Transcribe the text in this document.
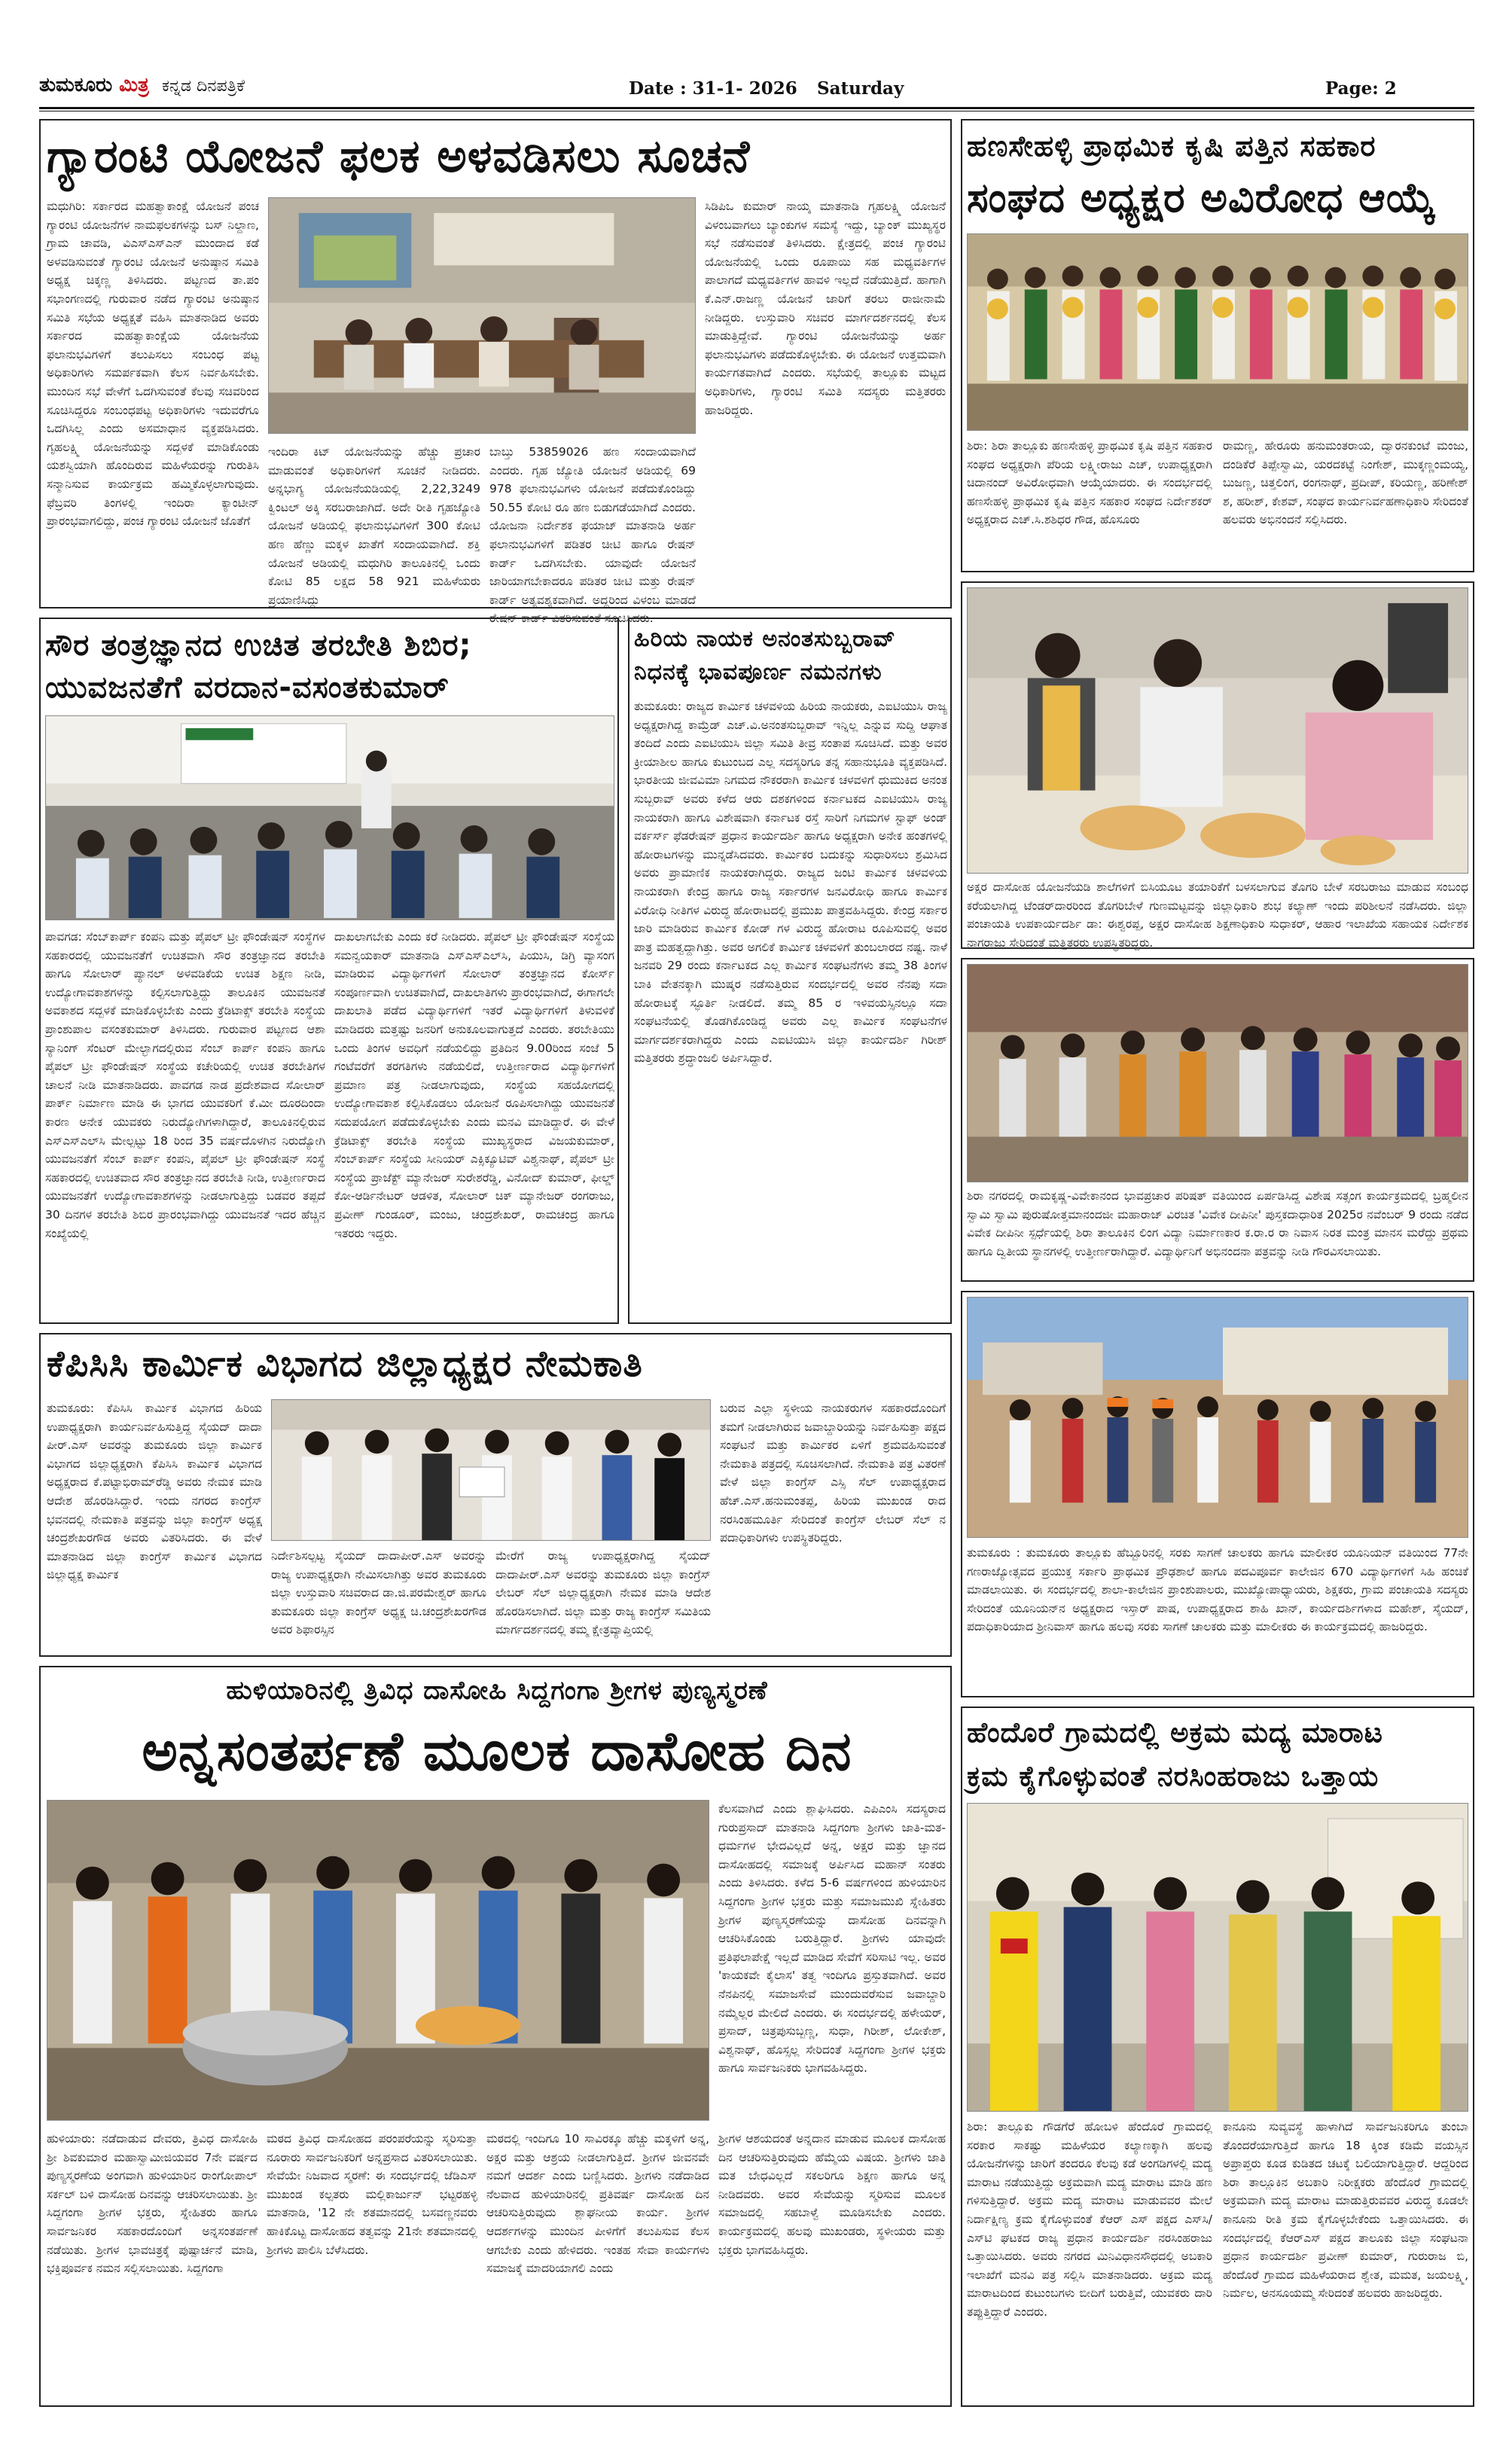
ತುಮಕೂರು ಮಿತ್ರ ಕನ್ನಡ ದಿನಪತ್ರಿಕೆ	Date : 31-1- 2026 Saturday	Page: 2
ಗ್ಯಾರಂಟಿ ಯೋಜನೆ ಫಲಕ ಅಳವಡಿಸಲು ಸೂಚನೆ
ಮಧುಗಿರಿ: ಸರ್ಕಾರದ ಮಹತ್ವಾಕಾಂಕ್ಷೆ ಯೋಜನೆ ಪಂಚ ಗ್ಯಾರಂಟಿ ಯೋಜನೆಗಳ ನಾಮಫಲಕಗಳನ್ನು ಬಸ್ ನಿಲ್ದಾಣ, ಗ್ರಾಮ ಚಾವಡಿ, ವಿಎಸ್‌ಎಸ್‌ಎನ್ ಮುಂದಾದ ಕಡೆ ಅಳವಡಿಸುವಂತೆ ಗ್ಯಾರಂಟಿ ಯೋಜನೆ ಅನುಷ್ಠಾನ ಸಮಿತಿ ಅಧ್ಯಕ್ಷ ಚಿಕ್ಕಣ್ಣ ತಿಳಿಸಿದರು. ಪಟ್ಟಣದ ತಾ.ಪಂ ಸಭಾಂಗಣದಲ್ಲಿ ಗುರುವಾರ ನಡೆದ ಗ್ಯಾರಂಟಿ ಅನುಷ್ಠಾನ ಸಮಿತಿ ಸಭೆಯ ಅಧ್ಯಕ್ಷತೆ ವಹಿಸಿ ಮಾತನಾಡಿದ ಅವರು ಸರ್ಕಾರದ ಮಹತ್ವಾಕಾಂಕ್ಷೆಯ ಯೋಜನೆಯ ಫಲಾನುಭವಿಗಳಿಗೆ ತಲುಪಿಸಲು ಸಂಬಂಧ ಪಟ್ಟ ಅಧಿಕಾರಿಗಳು ಸಮರ್ಪಕವಾಗಿ ಕೆಲಸ ನಿರ್ವಹಿಸಬೇಕು. ಮುಂದಿನ ಸಭೆ ವೇಳೆಗೆ ಒದಗಿಸುವಂತೆ ಕೆಲವು ಸಚಿವರಿಂದ ಸೂಚಿಸಿದ್ದರೂ ಸಂಬಂಧಪಟ್ಟ ಅಧಿಕಾರಿಗಳು ಇದುವರೆಗೂ ಒದಗಿಸಿಲ್ಲ ಎಂದು ಅಸಮಾಧಾನ ವ್ಯಕ್ತಪಡಿಸಿದರು. ಗೃಹಲಕ್ಷ್ಮಿ ಯೋಜನೆಯನ್ನು ಸದ್ಬಳಕೆ ಮಾಡಿಕೊಂಡು ಯಶಸ್ವಿಯಾಗಿ ಹೊಂದಿರುವ ಮಹಿಳೆಯರನ್ನು ಗುರುತಿಸಿ ಸನ್ಮಾನಿಸುವ ಕಾರ್ಯಕ್ರಮ ಹಮ್ಮಿಕೊಳ್ಳಲಾಗುವುದು. ಫೆಬ್ರವರಿ ತಿಂಗಳಲ್ಲಿ ಇಂದಿರಾ ಕ್ಯಾಂಟೀನ್ ಪ್ರಾರಂಭವಾಗಲಿದ್ದು, ಪಂಚ ಗ್ಯಾರಂಟಿ ಯೋಜನೆ ಜೊತೆಗೆ
ಇಂದಿರಾ ಕಿಟ್ ಯೋಜನೆಯನ್ನು ಹೆಚ್ಚು ಪ್ರಚಾರ ಮಾಡುವಂತೆ ಅಧಿಕಾರಿಗಳಿಗೆ ಸೂಚನೆ ನೀಡಿದರು. ಅನ್ನಭಾಗ್ಯ ಯೋಜನೆಯಡಿಯಲ್ಲಿ 2,22,3249 ಕ್ವಿಂಟಲ್ ಅಕ್ಕಿ ಸರಬರಾಜಾಗಿದೆ. ಅದೇ ರೀತಿ ಗೃಹಜ್ಯೋತಿ ಯೋಜನೆ ಅಡಿಯಲ್ಲಿ ಫಲಾನುಭವಿಗಳಿಗೆ 300 ಕೋಟಿ ಹಣ ಹೆಣ್ಣು ಮಕ್ಕಳ ಖಾತೆಗೆ ಸಂದಾಯವಾಗಿದೆ. ಶಕ್ತಿ ಯೋಜನೆ ಅಡಿಯಲ್ಲಿ ಮಧುಗಿರಿ ತಾಲೂಕಿನಲ್ಲಿ ಒಂದು ಕೋಟಿ 85 ಲಕ್ಷದ 58 921 ಮಹಿಳೆಯರು ಪ್ರಯಾಣಿಸಿದ್ದು
ಬಾಬ್ತು 53859026 ಹಣ ಸಂದಾಯವಾಗಿದೆ ಎಂದರು. ಗೃಹ ಜ್ಯೋತಿ ಯೋಜನೆ ಅಡಿಯಲ್ಲಿ 69 978 ಫಲಾನುಭವಿಗಳು ಯೋಜನೆ ಪಡೆದುಕೊಂಡಿದ್ದು 50.55 ಕೋಟಿ ರೂ ಹಣ ಬಿಡುಗಡೆಯಾಗಿದೆ ಎಂದರು. ಯೋಜನಾ ನಿರ್ದೇಶಕ ಫಯಾಜ್ ಮಾತನಾಡಿ ಅರ್ಹ ಫಲಾನುಭವಿಗಳಿಗೆ ಪಡಿತರ ಚೀಟಿ ಹಾಗೂ ರೇಷನ್ ಕಾರ್ಡ್ ಒದಗಿಸಬೇಕು. ಯಾವುದೇ ಯೋಜನೆ ಜಾರಿಯಾಗಬೇಕಾದರೂ ಪಡಿತರ ಚೀಟಿ ಮತ್ತು ರೇಷನ್ ಕಾರ್ಡ್ ಅತ್ಯವಶ್ಯಕವಾಗಿದೆ. ಅದ್ದರಿಂದ ವಿಳಂಬ ಮಾಡದೆ ರೇಷನ್ ಕಾರ್ಡ್ ವಿತರಿಸುವಂತೆ ಸೂಚಿಸಿದರು.
ಸಿಡಿಪಿಒ ಕುಮಾರ್ ನಾಯ್ಕ ಮಾತನಾಡಿ ಗೃಹಲಕ್ಷ್ಮಿ ಯೋಜನೆ ವಿಳಂಬವಾಗಲು ಬ್ಯಾಂಕುಗಳ ಸಮಸ್ಯೆ ಇದ್ದು, ಬ್ಯಾಂಕ್ ಮುಖ್ಯಸ್ಥರ ಸಭೆ ನಡೆಸುವಂತೆ ತಿಳಿಸಿದರು. ಕ್ಷೇತ್ರದಲ್ಲಿ ಪಂಚ ಗ್ಯಾರಂಟಿ ಯೋಜನೆಯಲ್ಲಿ ಒಂದು ರೂಪಾಯಿ ಸಹ ಮಧ್ಯವರ್ತಿಗಳ ಪಾಲಾಗದೆ ಮಧ್ಯವರ್ತಿಗಳ ಹಾವಳಿ ಇಲ್ಲದೆ ನಡೆಯುತ್ತಿದೆ. ಹಾಗಾಗಿ ಕೆ.ಎನ್.ರಾಜಣ್ಣ ಯೋಜನೆ ಜಾರಿಗೆ ತರಲು ರಾಜೀನಾಮೆ ನೀಡಿದ್ದರು. ಉಸ್ತುವಾರಿ ಸಚಿವರ ಮಾರ್ಗದರ್ಶನದಲ್ಲಿ ಕೆಲಸ ಮಾಡುತ್ತಿದ್ದೇವೆ. ಗ್ಯಾರಂಟಿ ಯೋಜನೆಯನ್ನು ಅರ್ಹ ಫಲಾನುಭವಿಗಳು ಪಡೆದುಕೊಳ್ಳಬೇಕು. ಈ ಯೋಜನೆ ಉತ್ತಮವಾಗಿ ಕಾರ್ಯಗತವಾಗಿದೆ ಎಂದರು. ಸಭೆಯಲ್ಲಿ ತಾಲ್ಲೂಕು ಮಟ್ಟದ ಅಧಿಕಾರಿಗಳು, ಗ್ಯಾರಂಟಿ ಸಮಿತಿ ಸದಸ್ಯರು ಮತ್ತಿತರರು ಹಾಜರಿದ್ದರು.
ಹಣಸೇಹಳ್ಳಿ ಪ್ರಾಥಮಿಕ ಕೃಷಿ ಪತ್ತಿನ ಸಹಕಾರ
ಸಂಘದ ಅಧ್ಯಕ್ಷರ ಅವಿರೋಧ ಆಯ್ಕೆ
ಶಿರಾ: ಶಿರಾ ತಾಲ್ಲೂಕು ಹಣಸೇಹಳ್ಳಿ ಪ್ರಾಥಮಿಕ ಕೃಷಿ ಪತ್ತಿನ ಸಹಕಾರ ಸಂಘದ ಅಧ್ಯಕ್ಷರಾಗಿ ಪೆರಿಯ ಲಕ್ಷ್ಮೀರಾಜು ಎಚ್, ಉಪಾಧ್ಯಕ್ಷರಾಗಿ ಚಿದಾನಂದ್ ಅವಿರೋಧವಾಗಿ ಆಯ್ಕೆಯಾದರು. ಈ ಸಂದರ್ಭದಲ್ಲಿ ಹಣಸೇಹಳ್ಳಿ ಪ್ರಾಥಮಿಕ ಕೃಷಿ ಪತ್ತಿನ ಸಹಕಾರ ಸಂಘದ ನಿರ್ದೇಶಕರ್ ಅಧ್ಯಕ್ಷರಾದ ಎಚ್.ಸಿ.ಶಶಿಧರ ಗೌಡ, ಹೊಸೂರು
ರಾಮಣ್ಣ, ಹೇರೂರು ಹನುಮಂತರಾಯ, ದ್ವಾರನಕುಂಟೆ ಮಂಜು, ದಂಡಿಕೆರೆ ತಿಪ್ಪೇಸ್ವಾಮಿ, ಯರದಕಟ್ಟೆ ನಿಂಗೇಶ್, ಮುಕ್ಕಣ್ಣಂಮಯ್ಯ, ಬುಜಣ್ಣ, ಚಿತ್ತಲಿಂಗ, ರಂಗನಾಥ್, ಪ್ರದೀಪ್, ಕರಿಯಣ್ಣ, ಹರಿಣೇಶ್ ಶ, ಹರೀಶ್, ಕೇಶವ್, ಸಂಘದ ಕಾರ್ಯನಿರ್ವಹಣಾಧಿಕಾರಿ ಸೇರಿದಂತೆ ಹಲವರು ಅಭಿನಂದನೆ ಸಲ್ಲಿಸಿದರು.
ಸೌರ ತಂತ್ರಜ್ಞಾನದ ಉಚಿತ ತರಬೇತಿ ಶಿಬಿರ;
ಯುವಜನತೆಗೆ ವರದಾನ-ವಸಂತಕುಮಾರ್
semcorp
ಪಾವಗಡ: ಸೆಂಬ್‌ಕಾರ್ಪ್ ಕಂಪನಿ ಮತ್ತು ಪೈಪಲ್ ಟ್ರೀ ಫೌಂಡೇಷನ್ ಸಂಸ್ಥೆಗಳ ಸಹಕಾರದಲ್ಲಿ ಯುವಜನತೆಗೆ ಉಚಿತವಾಗಿ ಸೌರ ತಂತ್ರಜ್ಞಾನದ ತರಬೇತಿ ಹಾಗೂ ಸೋಲಾರ್ ಪ್ಯಾನಲ್ ಅಳವಡಿಕೆಯ ಉಚಿತ ಶಿಕ್ಷಣ ನೀಡಿ, ಉದ್ಯೋಗಾವಕಾಶಗಳನ್ನು ಕಲ್ಪಿಸಲಾಗುತ್ತಿದ್ದು ತಾಲೂಕಿನ ಯುವಜನತೆ ಅವಕಾಶದ ಸದ್ಬಳಕೆ ಮಾಡಿಕೊಳ್ಳಬೇಕು ಎಂದು ಕ್ರೆಡಿಟಾಕ್ಸ್ ತರಬೇತಿ ಸಂಸ್ಥೆಯ ಪ್ರಾಂಶುಪಾಲ ವಸಂತಕುಮಾರ್ ತಿಳಿಸಿದರು. ಗುರುವಾರ ಪಟ್ಟಣದ ಆಶಾ ಸ್ಯಾನಿಂಗ್ ಸೆಂಟರ್ ಮೇಲ್ಭಾಗದಲ್ಲಿರುವ ಸೆಂಬ್ ಕಾರ್ಪ್ ಕಂಪನಿ ಹಾಗೂ ಪೈಪಲ್ ಟ್ರೀ ಫೌಂಡೇಷನ್ ಸಂಸ್ಥೆಯ ಕಚೇರಿಯಲ್ಲಿ ಉಚಿತ ತರಬೇತಿಗಳ ಚಾಲನೆ ನೀಡಿ ಮಾತನಾಡಿದರು. ಪಾವಗಡ ನಾಡ ಪ್ರದೇಶವಾದ ಸೋಲಾರ್ ಪಾರ್ಕ್ ನಿರ್ಮಾಣ ಮಾಡಿ ಈ ಭಾಗದ ಯುವಕರಿಗೆ ಕೆ.ಮೀ ದೂರದಿಂದಾ ಕಾರಣ ಅನೇಕ ಯುವಕರು ನಿರುದ್ಯೋಗಿಗಳಾಗಿದ್ದಾರೆ, ತಾಲೂಕಿನಲ್ಲಿರುವ ಎಸ್‌ಎಸ್‌ಎಲ್‌ಸಿ ಮೇಲ್ಪಟ್ಟು 18 ರಿಂದ 35 ವರ್ಷದೊಳಗಿನ ನಿರುದ್ಯೋಗಿ ಯುವಜನತೆಗೆ ಸೆಂಬ್ ಕಾರ್ಪ್ ಕಂಪನಿ, ಪೈಪಲ್ ಟ್ರೀ ಫೌಂಡೇಷನ್ ಸಂಸ್ಥೆ ಸಹಕಾರದಲ್ಲಿ ಉಚಿತವಾದ ಸೌರ ತಂತ್ರಜ್ಞಾನದ ತರಬೇತಿ ನೀಡಿ, ಉತ್ತೀರ್ಣರಾದ ಯುವಜನತೆಗೆ ಉದ್ಯೋಗಾವಕಾಶಗಳನ್ನು ನೀಡಲಾಗುತ್ತಿದ್ದು ಬಡವರ ತಪ್ಪದೆ 30 ದಿನಗಳ ತರಬೇತಿ ಶಿಬಿರ ಪ್ರಾರಂಭವಾಗಿದ್ದು ಯುವಜನತೆ ಇದರ ಹೆಚ್ಚಿನ ಸಂಖ್ಯೆಯಲ್ಲಿ
ದಾಖಲಾಗಬೇಕು ಎಂದು ಕರೆ ನೀಡಿದರು. ಪೈಪಲ್ ಟ್ರೀ ಫೌಂಡೇಷನ್ ಸಂಸ್ಥೆಯ ಸಮನ್ವಯಕಾರ್ ಮಾತನಾಡಿ ಎಸ್‌ಎಸ್‌ಎಲ್‌ಸಿ, ಪಿಯುಸಿ, ಡಿಗ್ರಿ ವ್ಯಾಸಂಗ ಮಾಡಿರುವ ವಿದ್ಯಾರ್ಥಿಗಳಿಗೆ ಸೋಲಾರ್ ತಂತ್ರಜ್ಞಾನದ ಕೋರ್ಸ್ ಸಂಪೂರ್ಣವಾಗಿ ಉಚಿತವಾಗಿದೆ, ದಾಖಲಾತಿಗಳು ಪ್ರಾರಂಭವಾಗಿದೆ, ಈಗಾಗಲೇ ದಾಖಲಾತಿ ಪಡೆದ ವಿದ್ಯಾರ್ಥಿಗಳಿಗೆ ಇತರೆ ವಿದ್ಯಾರ್ಥಿಗಳಿಗೆ ತಿಳುವಳಿಕೆ ಮಾಡಿದರು ಮತ್ತಷ್ಟು ಜನರಿಗೆ ಅನುಕೂಲವಾಗುತ್ತದೆ ಎಂದರು. ತರಬೇತಿಯು ಒಂದು ತಿಂಗಳ ಅವಧಿಗೆ ನಡೆಯಲಿದ್ದು ಪ್ರತಿದಿನ 9.00ರಿಂದ ಸಂಜೆ 5 ಗಂಟೆವರೆಗೆ ತರಗತಿಗಳು ನಡೆಯಲಿದೆ, ಉತ್ತೀರ್ಣರಾದ ವಿದ್ಯಾರ್ಥಿಗಳಿಗೆ ಪ್ರಮಾಣ ಪತ್ರ ನೀಡಲಾಗುವುದು, ಸಂಸ್ಥೆಯ ಸಹಯೋಗದಲ್ಲಿ ಉದ್ಯೋಗಾವಕಾಶ ಕಲ್ಪಿಸಿಕೊಡಲು ಯೋಜನೆ ರೂಪಿಸಲಾಗಿದ್ದು ಯುವಜನತೆ ಸದುಪಯೋಗ ಪಡೆದುಕೊಳ್ಳಬೇಕು ಎಂದು ಮನವಿ ಮಾಡಿದ್ದಾರೆ. ಈ ವೇಳೆ ಕ್ರೆಡಿಟಾಕ್ಸ್ ತರಬೇತಿ ಸಂಸ್ಥೆಯ ಮುಖ್ಯಸ್ಥರಾದ ವಿಜಯಕುಮಾರ್, ಸೆಂಬ್‌ಕಾರ್ಪ್ ಸಂಸ್ಥೆಯ ಸೀನಿಯರ್ ಎಕ್ಸಿಕ್ಯೂಟಿವ್ ವಿಶ್ವನಾಥ್, ಪೈಪಲ್ ಟ್ರೀ ಸಂಸ್ಥೆಯ ಪ್ರಾಜೆಕ್ಟ್ ಮ್ಯಾನೇಜರ್ ಸುರೇಶರೆಡ್ಡಿ, ವಿನೋದ್ ಕುಮಾರ್, ಫೀಲ್ಡ್ ಕೋ-ಆರ್ಡಿನೇಟರ್ ಆಡಳಿತ, ಸೋಲಾರ್ ಚಿಕ್ ಮ್ಯಾನೇಜರ್ ರಂಗರಾಜು, ಪ್ರವೀಣ್ ಗುಂಡೂರ್, ಮಂಜು, ಚಂದ್ರಶೇಖರ್, ರಾಮಚಂದ್ರ ಹಾಗೂ ಇತರರು ಇದ್ದರು.
ಹಿರಿಯ ನಾಯಕ ಅನಂತಸುಬ್ಬರಾವ್
ನಿಧನಕ್ಕೆ ಭಾವಪೂರ್ಣ ನಮನಗಳು
ತುಮಕೂರು: ರಾಜ್ಯದ ಕಾರ್ಮಿಕ ಚಳವಳಿಯ ಹಿರಿಯ ನಾಯಕರು, ಎಐಟಿಯುಸಿ ರಾಜ್ಯ ಅಧ್ಯಕ್ಷರಾಗಿದ್ದ ಕಾಮ್ರೆಡ್ ಎಚ್.ವಿ.ಅನಂತಸುಬ್ಬರಾವ್ ಇನ್ನಿಲ್ಲ ಎನ್ನುವ ಸುದ್ದಿ ಆಘಾತ ತಂದಿದೆ ಎಂದು ಎಐಟಿಯುಸಿ ಜಿಲ್ಲಾ ಸಮಿತಿ ತೀವ್ರ ಸಂತಾಪ ಸೂಚಿಸಿದೆ. ಮತ್ತು ಅವರ ಕ್ರೀಯಾಶೀಲ ಹಾಗೂ ಕುಟುಂಬದ ಎಲ್ಲ ಸದಸ್ಯರಿಗೂ ತನ್ನ ಸಹಾನುಭೂತಿ ವ್ಯಕ್ತಪಡಿಸಿದೆ. ಭಾರತೀಯ ಜೀವವಿಮಾ ನಿಗಮದ ನೌಕರರಾಗಿ ಕಾರ್ಮಿಕ ಚಳವಳಿಗೆ ಧುಮುಕಿದ ಅನಂತ ಸುಬ್ಬರಾವ್ ಅವರು ಕಳೆದ ಆರು ದಶಕಗಳಿಂದ ಕರ್ನಾಟಕದ ಎಐಟಿಯುಸಿ ರಾಜ್ಯ ನಾಯಕರಾಗಿ ಹಾಗೂ ವಿಶೇಷವಾಗಿ ಕರ್ನಾಟಕ ರಸ್ತೆ ಸಾರಿಗೆ ನಿಗಮಗಳ ಸ್ಟಾಫ್ ಅಂಡ್ ವರ್ಕರ್ಸ್ ಫೆಡರೇಷನ್ ಪ್ರಧಾನ ಕಾರ್ಯದರ್ಶಿ ಹಾಗೂ ಅಧ್ಯಕ್ಷರಾಗಿ ಅನೇಕ ಹಂತಗಳಲ್ಲಿ ಹೋರಾಟಗಳನ್ನು ಮುನ್ನಡೆಸಿದವರು. ಕಾರ್ಮಿಕರ ಬದುಕನ್ನು ಸುಧಾರಿಸಲು ಶ್ರಮಿಸಿದ ಅವರು ಪ್ರಾಮಾಣಿಕ ನಾಯಕರಾಗಿದ್ದರು. ರಾಜ್ಯದ ಜಂಟಿ ಕಾರ್ಮಿಕ ಚಳವಳಿಯ ನಾಯಕರಾಗಿ ಕೇಂದ್ರ ಹಾಗೂ ರಾಜ್ಯ ಸರ್ಕಾರಗಳ ಜನವಿರೋಧಿ ಹಾಗೂ ಕಾರ್ಮಿಕ ವಿರೋಧಿ ನೀತಿಗಳ ವಿರುದ್ಧ ಹೋರಾಟದಲ್ಲಿ ಪ್ರಮುಖ ಪಾತ್ರವಹಿಸಿದ್ದರು. ಕೇಂದ್ರ ಸರ್ಕಾರ ಜಾರಿ ಮಾಡಿರುವ ಕಾರ್ಮಿಕ ಕೋಡ್ ಗಳ ವಿರುದ್ಧ ಹೋರಾಟ ರೂಪಿಸುವಲ್ಲಿ ಅವರ ಪಾತ್ರ ಮಹತ್ವದ್ದಾಗಿತ್ತು. ಅವರ ಅಗಲಿಕೆ ಕಾರ್ಮಿಕ ಚಳವಳಿಗೆ ತುಂಬಲಾರದ ನಷ್ಟ. ನಾಳೆ ಜನವರಿ 29 ರಂದು ಕರ್ನಾಟಕದ ಎಲ್ಲ ಕಾರ್ಮಿಕ ಸಂಘಟನೆಗಳು ತಮ್ಮ 38 ತಿಂಗಳ ಬಾಕಿ ವೇತನಕ್ಕಾಗಿ ಮುಷ್ಕರ ನಡೆಸುತ್ತಿರುವ ಸಂದರ್ಭದಲ್ಲಿ ಅವರ ನೆನಪು ಸದಾ ಹೋರಾಟಕ್ಕೆ ಸ್ಫೂರ್ತಿ ನೀಡಲಿದೆ. ತಮ್ಮ 85 ರ ಇಳಿವಯಸ್ಸಿನಲ್ಲೂ ಸದಾ ಸಂಘಟನೆಯಲ್ಲಿ ತೊಡಗಿಕೊಂಡಿದ್ದ ಅವರು ಎಲ್ಲ ಕಾರ್ಮಿಕ ಸಂಘಟನೆಗಳ ಮಾರ್ಗದರ್ಶಕರಾಗಿದ್ದರು ಎಂದು ಎಐಟಿಯುಸಿ ಜಿಲ್ಲಾ ಕಾರ್ಯದರ್ಶಿ ಗಿರೀಶ್ ಮತ್ತಿತರರು ಶ್ರದ್ಧಾಂಜಲಿ ಅರ್ಪಿಸಿದ್ದಾರೆ.
ಅಕ್ಷರ ದಾಸೋಹ ಯೋಜನೆಯಡಿ ಶಾಲೆಗಳಿಗೆ ಬಿಸಿಯೂಟ ತಯಾರಿಕೆಗೆ ಬಳಸಲಾಗುವ ತೊಗರಿ ಬೇಳೆ ಸರಬರಾಜು ಮಾಡುವ ಸಂಬಂಧ ಕರೆಯಲಾಗಿದ್ದ ಟೆಂಡರ್‌ದಾರರಿಂದ ತೊಗರಿಬೇಳೆ ಗುಣಮಟ್ಟವನ್ನು ಜಿಲ್ಲಾಧಿಕಾರಿ ಶುಭ ಕಲ್ಯಾಣ್ ಇಂದು ಪರಿಶೀಲನೆ ನಡೆಸಿದರು. ಜಿಲ್ಲಾ ಪಂಚಾಯತಿ ಉಪಕಾರ್ಯದರ್ಶಿ ಡಾ: ಈಶ್ವರಪ್ಪ, ಅಕ್ಷರ ದಾಸೋಹ ಶಿಕ್ಷಣಾಧಿಕಾರಿ ಸುಧಾಕರ್, ಆಹಾರ ಇಲಾಖೆಯ ಸಹಾಯಕ ನಿರ್ದೇಶಕ ನಾಗರಾಜು ಸೇರಿದಂತೆ ಮತ್ತಿತರರು ಉಪಸ್ಥಿತರಿದ್ದರು.
ಶಿರಾ ನಗರದಲ್ಲಿ ರಾಮಕೃಷ್ಣ-ವಿವೇಕಾನಂದ ಭಾವಪ್ರಚಾರ ಪರಿಷತ್ ವತಿಯಿಂದ ಏರ್ಪಡಿಸಿದ್ದ ವಿಶೇಷ ಸತ್ಸಂಗ ಕಾರ್ಯಕ್ರಮದಲ್ಲಿ ಬ್ರಹ್ಮಲೀನ ಸ್ವಾಮಿ ಸ್ವಾಮಿ ಪುರುಷೋತ್ತಮಾನಂದಜೀ ಮಹಾರಾಜ್ ವಿರಚಿತ 'ವಿವೇಕ ದೀಪಿನೀ' ಪುಸ್ತಕದಾಧಾರಿತ 2025ರ ನವೆಂಬರ್ 9 ರಂದು ನಡೆದ ವಿವೇಕ ದೀಪಿನೀ ಸ್ಪರ್ಧೆಯಲ್ಲಿ ಶಿರಾ ತಾಲೂಕಿನ ಲಿಂಗ ವಿದ್ಯಾ ನಿರ್ಮಾಣಕಾರ ಕ.ರಾ.ರ ರಾ ನಿವಾಸ ನಿರತ ಮಂತ್ರ ಮಾನಸ ಮರೆದ್ದು ಪ್ರಥಮ ಹಾಗೂ ದ್ವಿತೀಯ ಸ್ಥಾನಗಳಲ್ಲಿ ಉತ್ತೀರ್ಣರಾಗಿದ್ದಾರೆ. ವಿದ್ಯಾರ್ಥಿನಿಗೆ ಅಭಿನಂದನಾ ಪತ್ರವನ್ನು ನೀಡಿ ಗೌರವಿಸಲಾಯಿತು.
ಕೆಪಿಸಿಸಿ ಕಾರ್ಮಿಕ ವಿಭಾಗದ ಜಿಲ್ಲಾಧ್ಯಕ್ಷರ ನೇಮಕಾತಿ
ತುಮಕೂರು: ಕೆಪಿಸಿಸಿ ಕಾರ್ಮಿಕ ವಿಭಾಗದ ಹಿರಿಯ ಉಪಾಧ್ಯಕ್ಷರಾಗಿ ಕಾರ್ಯನಿರ್ವಹಿಸುತ್ತಿದ್ದ ಸೈಯದ್ ದಾದಾ ಪೀರ್.ಎಸ್ ಅವರನ್ನು ತುಮಕೂರು ಜಿಲ್ಲಾ ಕಾರ್ಮಿಕ ವಿಭಾಗದ ಜಿಲ್ಲಾಧ್ಯಕ್ಷರಾಗಿ ಕೆಪಿಸಿಸಿ ಕಾರ್ಮಿಕ ವಿಭಾಗದ ಅಧ್ಯಕ್ಷರಾದ ಕೆ.ಪಟ್ಟಾಭಿರಾಮ್‌ರೆಡ್ಡಿ ಅವರು ನೇಮಕ ಮಾಡಿ ಆದೇಶ ಹೊರಡಿಸಿದ್ದಾರೆ. ಇಂದು ನಗರದ ಕಾಂಗ್ರೆಸ್ ಭವನದಲ್ಲಿ ನೇಮಕಾತಿ ಪತ್ರವನ್ನು ಜಿಲ್ಲಾ ಕಾಂಗ್ರೆಸ್ ಅಧ್ಯಕ್ಷ ಚಂದ್ರಶೇಖರಗೌಡ ಅವರು ವಿತರಿಸಿದರು. ಈ ವೇಳೆ ಮಾತನಾಡಿದ ಜಿಲ್ಲಾ ಕಾಂಗ್ರೆಸ್ ಕಾರ್ಮಿಕ ವಿಭಾಗದ ಜಿಲ್ಲಾಧ್ಯಕ್ಷ ಕಾರ್ಮಿಕ
ನಿರ್ದೇಶಿಸಲ್ಪಟ್ಟ ಸೈಯದ್ ದಾದಾಪೀರ್.ಎಸ್ ಅವರನ್ನು ರಾಜ್ಯ ಉಪಾಧ್ಯಕ್ಷರಾಗಿ ನೇಮಿಸಲಾಗಿತ್ತು ಅವರ ತುಮಕೂರು ಜಿಲ್ಲಾ ಉಸ್ತುವಾರಿ ಸಚಿವರಾದ ಡಾ.ಜಿ.ಪರಮೇಶ್ವರ್ ಹಾಗೂ ತುಮಕೂರು ಜಿಲ್ಲಾ ಕಾಂಗ್ರೆಸ್ ಅಧ್ಯಕ್ಷ ಚಿ.ಚಂದ್ರಶೇಖರಗೌಡ ಅವರ ಶಿಫಾರಸ್ಸಿನ
ಮೇರೆಗೆ ರಾಜ್ಯ ಉಪಾಧ್ಯಕ್ಷರಾಗಿದ್ದ ಸೈಯದ್ ದಾದಾಪೀರ್.ಎಸ್ ಅವರನ್ನು ತುಮಕೂರು ಜಿಲ್ಲಾ ಕಾಂಗ್ರೆಸ್ ಲೇಬರ್ ಸೆಲ್ ಜಿಲ್ಲಾಧ್ಯಕ್ಷರಾಗಿ ನೇಮಕ ಮಾಡಿ ಆದೇಶ ಹೊರಡಿಸಲಾಗಿದೆ. ಜಿಲ್ಲಾ ಮತ್ತು ರಾಜ್ಯ ಕಾಂಗ್ರೆಸ್ ಸಮಿತಿಯ ಮಾರ್ಗದರ್ಶನದಲ್ಲಿ ತಮ್ಮ ಕ್ಷೇತ್ರವ್ಯಾಪ್ತಿಯಲ್ಲಿ
ಬರುವ ಎಲ್ಲಾ ಸ್ಥಳೀಯ ನಾಯಕರುಗಳ ಸಹಕಾರದೊಂದಿಗೆ ತಮಗೆ ನೀಡಲಾಗಿರುವ ಜವಾಬ್ದಾರಿಯನ್ನು ನಿರ್ವಹಿಸುತ್ತಾ ಪಕ್ಷದ ಸಂಘಟನೆ ಮತ್ತು ಕಾರ್ಮಿಕರ ಏಳಿಗೆ ಶ್ರಮವಹಿಸುವಂತೆ ನೇಮಕಾತಿ ಪತ್ರದಲ್ಲಿ ಸೂಚಿಸಲಾಗಿದೆ. ನೇಮಕಾತಿ ಪತ್ರ ವಿತರಣೆ ವೇಳೆ ಜಿಲ್ಲಾ ಕಾಂಗ್ರೆಸ್ ಎಸ್ಸಿ ಸೆಲ್ ಉಪಾಧ್ಯಕ್ಷರಾದ ಹೆಚ್.ಎಸ್.ಹನುಮಂತಪ್ಪ, ಹಿರಿಯ ಮುಖಂಡ ರಾದ ನರಸಿಂಹಮೂರ್ತಿ ಸೇರಿದಂತೆ ಕಾಂಗ್ರೆಸ್ ಲೇಬರ್ ಸೆಲ್ ನ ಪದಾಧಿಕಾರಿಗಳು ಉಪಸ್ಥಿತರಿದ್ದರು.
ತುಮಕೂರು : ತುಮಕೂರು ತಾಲ್ಲೂಕು ಹೆಬ್ಬೂರಿನಲ್ಲಿ ಸರಕು ಸಾಗಣೆ ಚಾಲಕರು ಹಾಗೂ ಮಾಲೀಕರ ಯೂನಿಯನ್ ವತಿಯಿಂದ 77ನೇ ಗಣರಾಜ್ಯೋತ್ಸವದ ಪ್ರಯುಕ್ತ ಸರ್ಕಾರಿ ಪ್ರಾಥಮಿಕ ಪ್ರೌಢಶಾಲೆ ಹಾಗೂ ಪದವಿಪೂರ್ವ ಕಾಲೇಜಿನ 670 ವಿದ್ಯಾರ್ಥಿಗಳಿಗೆ ಸಿಹಿ ಹಂಚಿಕೆ ಮಾಡಲಾಯಿತು. ಈ ಸಂದರ್ಭದಲ್ಲಿ ಶಾಲಾ-ಕಾಲೇಜಿನ ಪ್ರಾಂಶುಪಾಲರು, ಮುಖ್ಯೋಪಾಧ್ಯಾಯರು, ಶಿಕ್ಷಕರು, ಗ್ರಾಮ ಪಂಚಾಯತಿ ಸದಸ್ಯರು ಸೇರಿದಂತೆ ಯೂನಿಯನ್‌ನ ಅಧ್ಯಕ್ಷರಾದ ಇಸ್ತಾರ್ ಪಾಷ, ಉಪಾಧ್ಯಕ್ಷರಾದ ಶಾಹಿ ಖಾನ್, ಕಾರ್ಯದರ್ಶಿಗಳಾದ ಮಹೇಶ್, ಸೈಯದ್, ಪದಾಧಿಕಾರಿಯಾದ ಶ್ರೀನಿವಾಸ್ ಹಾಗೂ ಹಲವು ಸರಕು ಸಾಗಣೆ ಚಾಲಕರು ಮತ್ತು ಮಾಲೀಕರು ಈ ಕಾರ್ಯಕ್ರಮದಲ್ಲಿ ಹಾಜರಿದ್ದರು.
ಹುಳಿಯಾರಿನಲ್ಲಿ ತ್ರಿವಿಧ ದಾಸೋಹಿ ಸಿದ್ದಗಂಗಾ ಶ್ರೀಗಳ ಪುಣ್ಯಸ್ಮರಣೆ
ಅನ್ನಸಂತರ್ಪಣೆ ಮೂಲಕ ದಾಸೋಹ ದಿನ
ಕೆಲಸವಾಗಿದೆ ಎಂದು ಶ್ಲಾಘಿಸಿದರು. ಎಪಿಎಂಸಿ ಸದಸ್ಯರಾದ ಗುರುಪ್ರಸಾದ್ ಮಾತನಾಡಿ ಸಿದ್ದಗಂಗಾ ಶ್ರೀಗಳು ಜಾತಿ-ಮತ-ಧರ್ಮಗಳ ಭೇದವಿಲ್ಲದೆ ಅನ್ನ, ಅಕ್ಷರ ಮತ್ತು ಜ್ಞಾನದ ದಾಸೋಹದಲ್ಲಿ ಸಮಾಜಕ್ಕೆ ಅರ್ಪಿಸಿದ ಮಹಾನ್ ಸಂತರು ಎಂದು ತಿಳಿಸಿದರು. ಕಳೆದ 5-6 ವರ್ಷಗಳಿಂದ ಹುಳಿಯಾರಿನ ಸಿದ್ದಗಂಗಾ ಶ್ರೀಗಳ ಭಕ್ತರು ಮತ್ತು ಸಮಾಜಮುಖಿ ಸ್ನೇಹಿತರು ಶ್ರೀಗಳ ಪುಣ್ಯಸ್ಮರಣೆಯನ್ನು ದಾಸೋಹ ದಿನವನ್ನಾಗಿ ಆಚರಿಸಿಕೊಂಡು ಬರುತ್ತಿದ್ದಾರೆ. ಶ್ರೀಗಳು ಯಾವುದೇ ಪ್ರತಿಫಲಾಪೇಕ್ಷೆ ಇಲ್ಲದೆ ಮಾಡಿದ ಸೇವೆಗೆ ಸರಿಸಾಟಿ ಇಲ್ಲ. ಅವರ 'ಕಾಯಕವೇ ಕೈಲಾಸ' ತತ್ವ ಇಂದಿಗೂ ಪ್ರಸ್ತುತವಾಗಿದೆ. ಅವರ ನೆನಪಿನಲ್ಲಿ ಸಮಾಜಸೇವೆ ಮುಂದುವರೆಸುವ ಜವಾಬ್ದಾರಿ ನಮ್ಮೆಲ್ಲರ ಮೇಲಿದೆ ಎಂದರು. ಈ ಸಂದರ್ಭದಲ್ಲಿ ಹಳೇಯರ್, ಪ್ರಸಾದ್, ಚಿತ್ರಪುಸುಬ್ಬಣ್ಣ, ಸುಧಾ, ಗಿರೀಶ್, ಲೋಕೇಶ್, ವಿಶ್ವನಾಥ್, ಹೊಸ್ಸಲ್ಲ ಸೇರಿದಂತೆ ಸಿದ್ದಗಂಗಾ ಶ್ರೀಗಳ ಭಕ್ತರು ಹಾಗೂ ಸಾರ್ವಜನಿಕರು ಭಾಗವಹಿಸಿದ್ದರು.
ಹುಳಿಯಾರು: ನಡೆದಾಡುವ ದೇವರು, ತ್ರಿವಿಧ ದಾಸೋಹಿ ಶ್ರೀ ಶಿವಕುಮಾರ ಮಹಾಸ್ವಾಮೀಜಿಯವರ 7ನೇ ವರ್ಷದ ಪುಣ್ಯಸ್ಮರಣೆಯ ಅಂಗವಾಗಿ ಹುಳಿಯಾರಿನ ರಾಂಗೋಪಾಲ್ ಸರ್ಕಲ್ ಬಳಿ ದಾಸೋಹ ದಿನವನ್ನು ಆಚರಿಸಲಾಯಿತು. ಶ್ರೀ ಸಿದ್ದಗಂಗಾ ಶ್ರೀಗಳ ಭಕ್ತರು, ಸ್ನೇಹಿತರು ಹಾಗೂ ಸಾರ್ವಜನಿಕರ ಸಹಕಾರದೊಂದಿಗೆ ಅನ್ನಸಂತರ್ಪಣೆ ನಡೆಯಿತು. ಶ್ರೀಗಳ ಭಾವಚಿತ್ರಕ್ಕೆ ಪುಷ್ಪಾರ್ಚನೆ ಮಾಡಿ, ಭಕ್ತಿಪೂರ್ವಕ ನಮನ ಸಲ್ಲಿಸಲಾಯಿತು. ಸಿದ್ದಗಂಗಾ
ಮಠದ ತ್ರಿವಿಧ ದಾಸೋಹದ ಪರಂಪರೆಯನ್ನು ಸ್ಮರಿಸುತ್ತಾ ನೂರಾರು ಸಾರ್ವಜನಿಕರಿಗೆ ಅನ್ನಪ್ರಸಾದ ವಿತರಿಸಲಾಯಿತು. ಸೇವೆಯೇ ನಿಜವಾದ ಸ್ಮರಣೆ: ಈ ಸಂದರ್ಭದಲ್ಲಿ ಜೆಡಿಎಸ್ ಮುಖಂಡ ಕಲ್ಪತರು ಮಲ್ಲಿಕಾರ್ಜುನ್ ಭಟ್ಟರಹಳ್ಳಿ ಮಾತನಾಡಿ, '12 ನೇ ಶತಮಾನದಲ್ಲಿ ಬಸವಣ್ಣನವರು ಹಾಕಿಕೊಟ್ಟ ದಾಸೋಹದ ತತ್ವವನ್ನು 21ನೇ ಶತಮಾನದಲ್ಲಿ ಶ್ರೀಗಳು ಪಾಲಿಸಿ ಬೆಳೆಸಿದರು.
ಮಠದಲ್ಲಿ ಇಂದಿಗೂ 10 ಸಾವಿರಕ್ಕೂ ಹೆಚ್ಚು ಮಕ್ಕಳಿಗೆ ಅನ್ನ, ಅಕ್ಷರ ಮತ್ತು ಆಶ್ರಯ ನೀಡಲಾಗುತ್ತಿದೆ. ಶ್ರೀಗಳ ಜೀವನವೇ ನಮಗೆ ಆದರ್ಶ ಎಂದು ಬಣ್ಣಿಸಿದರು. ಶ್ರೀಗಳು ನಡೆದಾಡಿದ ನೆಲವಾದ ಹುಳಿಯಾರಿನಲ್ಲಿ ಪ್ರತಿವರ್ಷ ದಾಸೋಹ ದಿನ ಆಚರಿಸುತ್ತಿರುವುದು ಶ್ಲಾಘನೀಯ ಕಾರ್ಯ. ಶ್ರೀಗಳ ಆದರ್ಶಗಳನ್ನು ಮುಂದಿನ ಪೀಳಿಗೆಗೆ ತಲುಪಿಸುವ ಕೆಲಸ ಆಗಬೇಕು ಎಂದು ಹೇಳಿದರು. ಇಂತಹ ಸೇವಾ ಕಾರ್ಯಗಳು ಸಮಾಜಕ್ಕೆ ಮಾದರಿಯಾಗಲಿ ಎಂದು
ಶ್ರೀಗಳ ಆಶಯದಂತೆ ಅನ್ನದಾನ ಮಾಡುವ ಮೂಲಕ ದಾಸೋಹ ದಿನ ಆಚರಿಸುತ್ತಿರುವುದು ಹೆಮ್ಮೆಯ ವಿಷಯ. ಶ್ರೀಗಳು ಜಾತಿ ಮತ ಬೇಧವಿಲ್ಲದೆ ಸಕಲರಿಗೂ ಶಿಕ್ಷಣ ಹಾಗೂ ಅನ್ನ ನೀಡಿದವರು. ಅವರ ಸೇವೆಯನ್ನು ಸ್ಮರಿಸುವ ಮೂಲಕ ಸಮಾಜದಲ್ಲಿ ಸಹಬಾಳ್ವೆ ಮೂಡಿಸಬೇಕು ಎಂದರು. ಕಾರ್ಯಕ್ರಮದಲ್ಲಿ ಹಲವು ಮುಖಂಡರು, ಸ್ಥಳೀಯರು ಮತ್ತು ಭಕ್ತರು ಭಾಗವಹಿಸಿದ್ದರು.
ಹೆಂದೊರೆ ಗ್ರಾಮದಲ್ಲಿ ಅಕ್ರಮ ಮದ್ಯ ಮಾರಾಟ
ಕ್ರಮ ಕೈಗೊಳ್ಳುವಂತೆ ನರಸಿಂಹರಾಜು ಒತ್ತಾಯ
ಶಿರಾ: ತಾಲ್ಲೂಕು ಗೌಡಗೆರೆ ಹೋಬಳಿ ಹೆಂದೊರೆ ಗ್ರಾಮದಲ್ಲಿ ಸರಕಾರ ಸಾಕಷ್ಟು ಮಹಿಳೆಯರ ಕಲ್ಯಾಣಕ್ಕಾಗಿ ಹಲವು ಯೋಜನೆಗಳನ್ನು ಜಾರಿಗೆ ತಂದರೂ ಕೆಲವು ಕಡೆ ಅಂಗಡಿಗಳಲ್ಲಿ ಮದ್ಯ ಮಾರಾಟ ನಡೆಯುತ್ತಿದ್ದು ಅಕ್ರಮವಾಗಿ ಮದ್ಯ ಮಾರಾಟ ಮಾಡಿ ಹಣ ಗಳಿಸುತ್ತಿದ್ದಾರೆ. ಅಕ್ರಮ ಮದ್ಯ ಮಾರಾಟ ಮಾಡುವವರ ಮೇಲೆ ನಿರ್ದಾಕ್ಷಿಣ್ಯ ಕ್ರಮ ಕೈಗೊಳ್ಳುವಂತೆ ಕೆಆರ್ ಎಸ್ ಪಕ್ಷದ ಎಸ್‌ಸಿ/ಎಸ್‌ಟಿ ಘಟಕದ ರಾಜ್ಯ ಪ್ರಧಾನ ಕಾರ್ಯದರ್ಶಿ ನರಸಿಂಹರಾಜು ಒತ್ತಾಯಿಸಿದರು. ಅವರು ನಗರದ ಮಿನಿವಿಧಾನಸೌಧದಲ್ಲಿ ಅಬಕಾರಿ ಇಲಾಖೆಗೆ ಮನವಿ ಪತ್ರ ಸಲ್ಲಿಸಿ ಮಾತನಾಡಿದರು. ಅಕ್ರಮ ಮದ್ಯ ಮಾರಾಟದಿಂದ ಕುಟುಂಬಗಳು ಬೀದಿಗೆ ಬರುತ್ತಿವೆ, ಯುವಕರು ದಾರಿ ತಪ್ಪುತ್ತಿದ್ದಾರೆ ಎಂದರು.
ಕಾನೂನು ಸುವ್ಯವಸ್ಥೆ ಹಾಳಾಗಿದೆ ಸಾರ್ವಜನಿಕರಿಗೂ ತುಂಬಾ ತೊಂದರೆಯಾಗುತ್ತಿದೆ ಹಾಗೂ 18 ಕ್ಕಿಂತ ಕಡಿಮೆ ವಯಸ್ಸಿನ ಅಪ್ರಾಪ್ತರು ಕೂಡ ಕುಡಿತದ ಚಟಕ್ಕೆ ಬಲಿಯಾಗುತ್ತಿದ್ದಾರೆ. ಆದ್ದರಿಂದ ಶಿರಾ ತಾಲ್ಲೂಕಿನ ಅಬಕಾರಿ ನಿರೀಕ್ಷಕರು ಹೆಂದೊರೆ ಗ್ರಾಮದಲ್ಲಿ ಅಕ್ರಮವಾಗಿ ಮದ್ಯ ಮಾರಾಟ ಮಾಡುತ್ತಿರುವವರ ವಿರುದ್ಧ ಕೂಡಲೇ ಕಾನೂನು ರೀತಿ ಕ್ರಮ ಕೈಗೊಳ್ಳಬೇಕೆಂದು ಒತ್ತಾಯಿಸಿದರು. ಈ ಸಂದರ್ಭದಲ್ಲಿ ಕೆಆರ್‌ಎಸ್ ಪಕ್ಷದ ತಾಲೂಕು ಜಿಲ್ಲಾ ಸಂಘಟನಾ ಪ್ರಧಾನ ಕಾರ್ಯದರ್ಶಿ ಪ್ರವೀಣ್ ಕುಮಾರ್, ಗುರುರಾಜ ಬಿ, ಹೆಂದೊರೆ ಗ್ರಾಮದ ಮಹಿಳೆಯರಾದ ಶ್ವೇತ, ಮಮತ, ಜಯಲಕ್ಷ್ಮಿ, ನಿರ್ಮಲ, ಅನಸೂಯಮ್ಮ ಸೇರಿದಂತೆ ಹಲವರು ಹಾಜರಿದ್ದರು.
